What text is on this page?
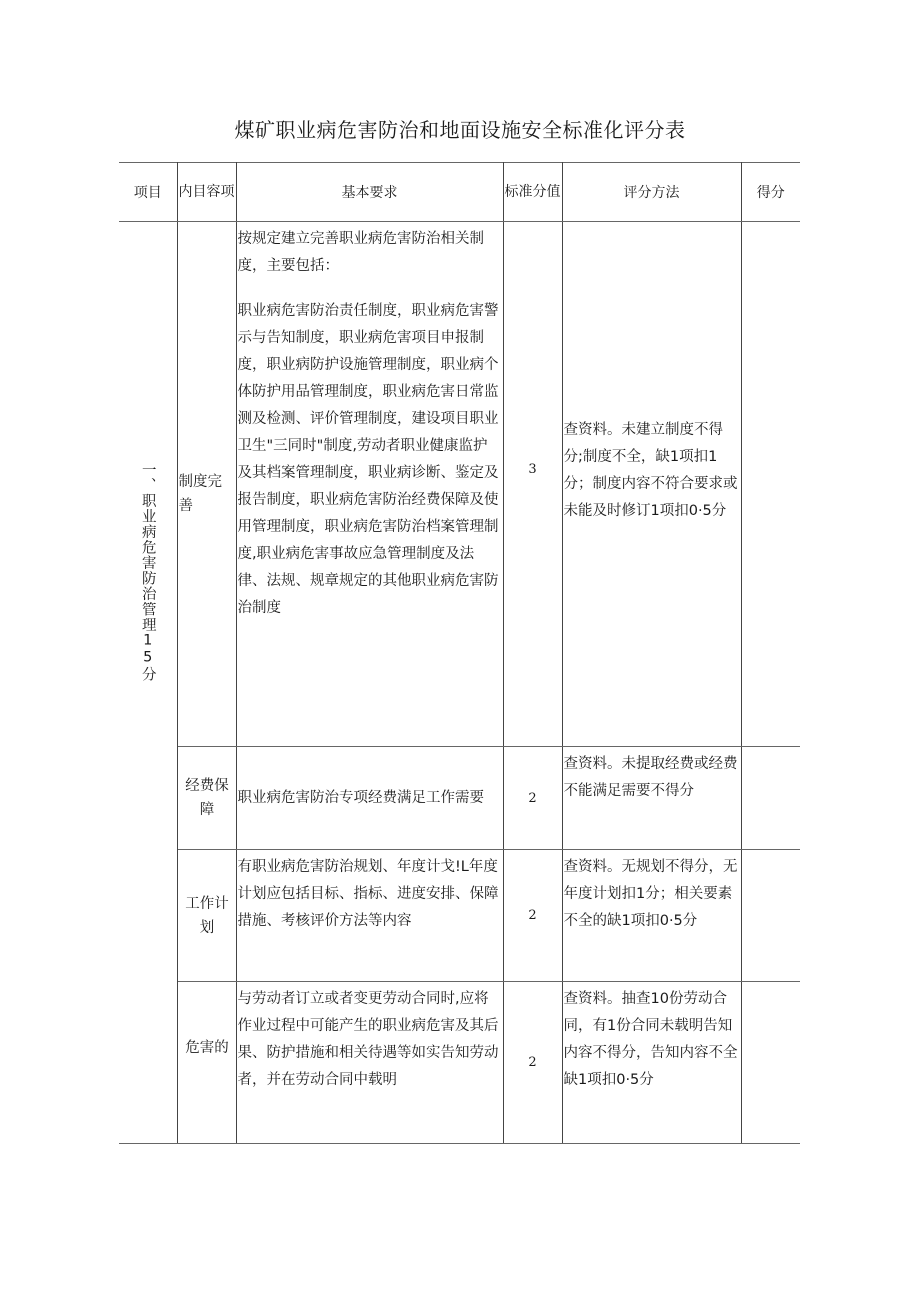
煤矿职业病危害防治和地面设施安全标准化评分表
项目	内目容项	基本要求	标准分值	评分方法	得分
一、职业病危害防治管理15分	制度完善	按规定建立完善职业病危害防治相关制度，主要包括：

职业病危害防治责任制度，职业病危害警示与告知制度，职业病危害项目申报制度，职业病防护设施管理制度，职业病个体防护用品管理制度，职业病危害日常监测及检测、评价管理制度，建设项目职业卫生"三同时"制度,劳动者职业健康监护及其档案管理制度，职业病诊断、鉴定及报告制度，职业病危害防治经费保障及使用管理制度，职业病危害防治档案管理制度,职业病危害事故应急管理制度及法律、法规、规章规定的其他职业病危害防治制度	3	查资料。未建立制度不得分;制度不全，缺1项扣1分；制度内容不符合要求或未能及时修订1项扣0·5分	
	经费保障	职业病危害防治专项经费满足工作需要	2	查资料。未提取经费或经费不能满足需要不得分	
	工作计划	有职业病危害防治规划、年度计戈!L年度计划应包括目标、指标、进度安排、保障措施、考核评价方法等内容	2	查资料。无规划不得分，无年度计划扣1分；相关要素不全的缺1项扣0·5分	
	危害的	与劳动者订立或者变更劳动合同时,应将作业过程中可能产生的职业病危害及其后果、防护措施和相关待遇等如实告知劳动者，并在劳动合同中载明	2	查资料。抽查10份劳动合同，有1份合同未载明告知内容不得分，告知内容不全
缺1项扣0·5分	
